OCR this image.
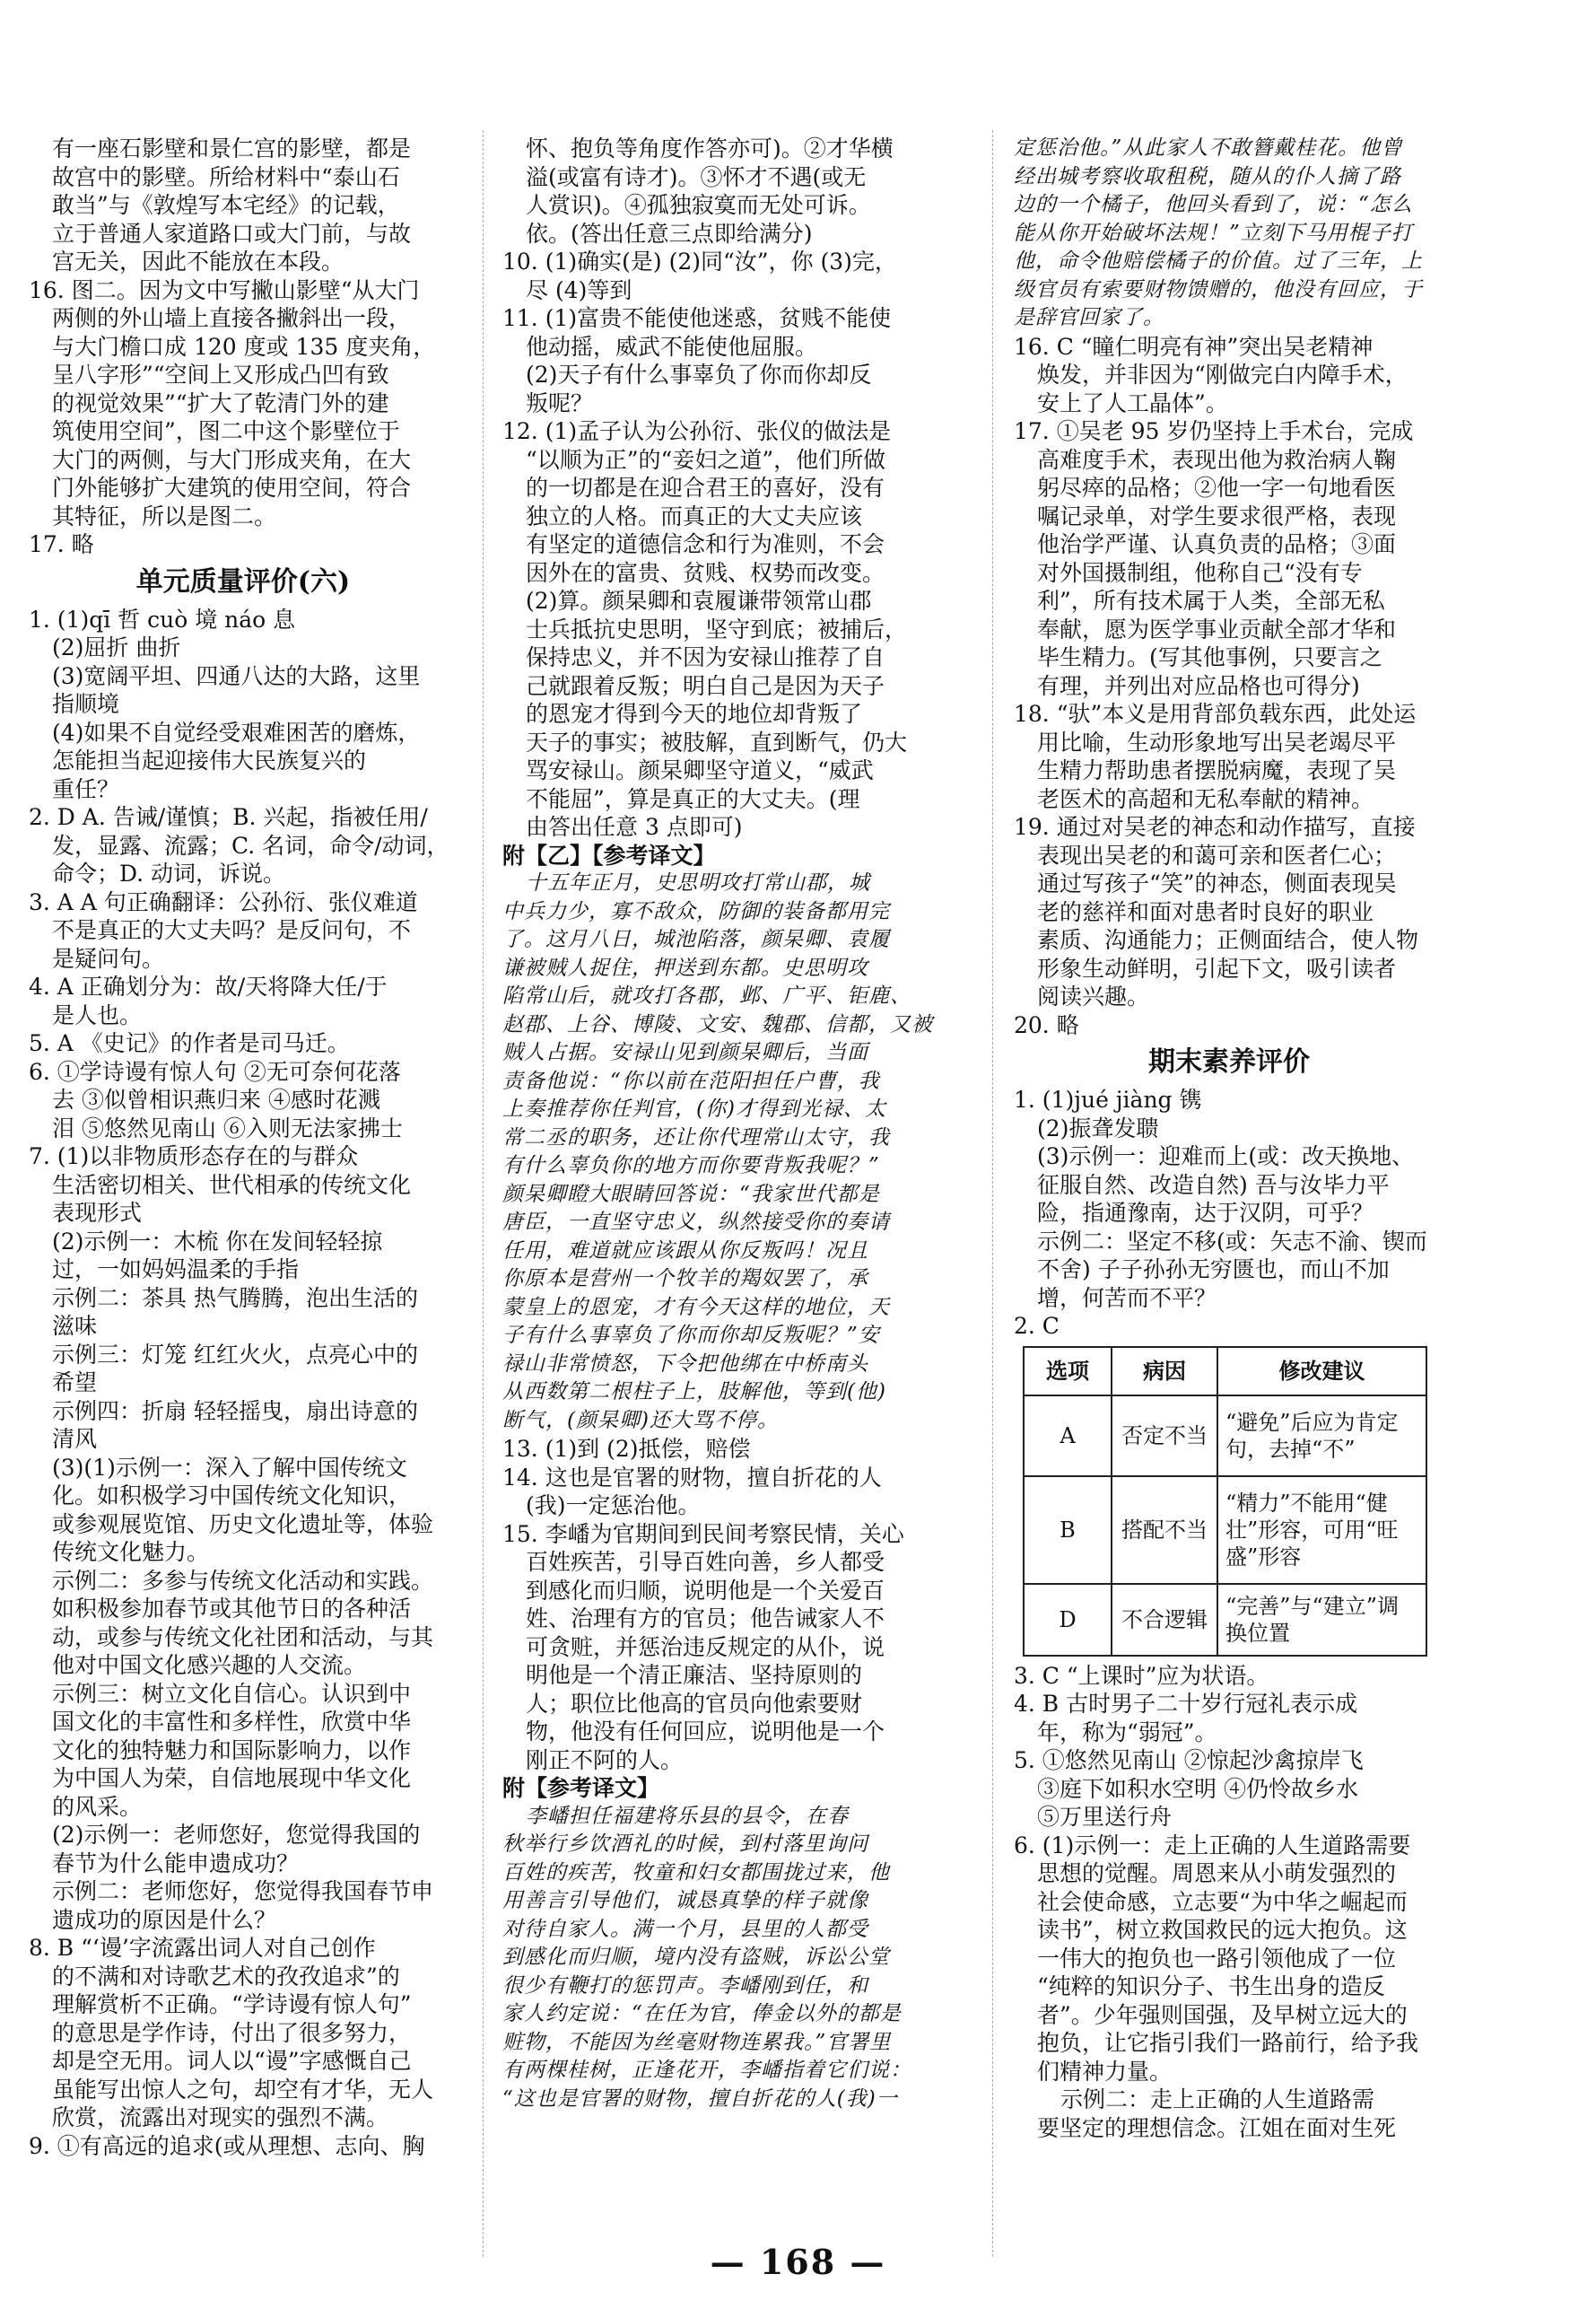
有一座石影壁和景仁宫的影壁，都是
故宫中的影壁。所给材料中“泰山石
敢当”与《敦煌写本宅经》的记载，
立于普通人家道路口或大门前，与故
宫无关，因此不能放在本段。
16. 图二。因为文中写撇山影壁“从大门
两侧的外山墙上直接各撇斜出一段，
与大门檐口成 120 度或 135 度夹角，
呈八字形”“空间上又形成凸凹有致
的视觉效果”“扩大了乾清门外的建
筑使用空间”，图二中这个影壁位于
大门的两侧，与大门形成夹角，在大
门外能够扩大建筑的使用空间，符合
其特征，所以是图二。
17. 略
单元质量评价(六)
1. (1)qī 哲 cuò 境 náo 息
(2)屈折 曲折
(3)宽阔平坦、四通八达的大路，这里
指顺境
(4)如果不自觉经受艰难困苦的磨炼，
怎能担当起迎接伟大民族复兴的
重任？
2. D A. 告诫/谨慎；B. 兴起，指被任用/
发，显露、流露；C. 名词，命令/动词，
命令；D. 动词，诉说。
3. A A 句正确翻译：公孙衍、张仪难道
不是真正的大丈夫吗？是反问句，不
是疑问句。
4. A 正确划分为：故/天将降大任/于
是人也。
5. A 《史记》的作者是司马迁。
6. ①学诗谩有惊人句 ②无可奈何花落
去 ③似曾相识燕归来 ④感时花溅
泪 ⑤悠然见南山 ⑥入则无法家拂士
7. (1)以非物质形态存在的与群众
生活密切相关、世代相承的传统文化
表现形式
(2)示例一：木梳 你在发间轻轻掠
过，一如妈妈温柔的手指
示例二：茶具 热气腾腾，泡出生活的
滋味
示例三：灯笼 红红火火，点亮心中的
希望
示例四：折扇 轻轻摇曳，扇出诗意的
清风
(3)(1)示例一：深入了解中国传统文
化。如积极学习中国传统文化知识，
或参观展览馆、历史文化遗址等，体验
传统文化魅力。
示例二：多参与传统文化活动和实践。
如积极参加春节或其他节日的各种活
动，或参与传统文化社团和活动，与其
他对中国文化感兴趣的人交流。
示例三：树立文化自信心。认识到中
国文化的丰富性和多样性，欣赏中华
文化的独特魅力和国际影响力，以作
为中国人为荣，自信地展现中华文化
的风采。
(2)示例一：老师您好，您觉得我国的
春节为什么能申遗成功？
示例二：老师您好，您觉得我国春节申
遗成功的原因是什么？
8. B “‘谩’字流露出词人对自己创作
的不满和对诗歌艺术的孜孜追求”的
理解赏析不正确。“学诗谩有惊人句”
的意思是学作诗，付出了很多努力，
却是空无用。词人以“谩”字感慨自己
虽能写出惊人之句，却空有才华，无人
欣赏，流露出对现实的强烈不满。
9. ①有高远的追求(或从理想、志向、胸
怀、抱负等角度作答亦可)。②才华横
溢(或富有诗才)。③怀才不遇(或无
人赏识)。④孤独寂寞而无处可诉。
依。(答出任意三点即给满分)
10. (1)确实(是) (2)同“汝”，你 (3)完，
尽 (4)等到
11. (1)富贵不能使他迷惑，贫贱不能使
他动摇，威武不能使他屈服。
(2)天子有什么事辜负了你而你却反
叛呢？
12. (1)孟子认为公孙衍、张仪的做法是
“以顺为正”的“妾妇之道”，他们所做
的一切都是在迎合君王的喜好，没有
独立的人格。而真正的大丈夫应该
有坚定的道德信念和行为准则，不会
因外在的富贵、贫贱、权势而改变。
(2)算。颜杲卿和袁履谦带领常山郡
士兵抵抗史思明，坚守到底；被捕后，
保持忠义，并不因为安禄山推荐了自
己就跟着反叛；明白自己是因为天子
的恩宠才得到今天的地位却背叛了
天子的事实；被肢解，直到断气，仍大
骂安禄山。颜杲卿坚守道义，“威武
不能屈”，算是真正的大丈夫。(理
由答出任意 3 点即可)
附【乙】【参考译文】
十五年正月，史思明攻打常山郡，城
中兵力少，寡不敌众，防御的装备都用完
了。这月八日，城池陷落，颜杲卿、袁履
谦被贼人捉住，押送到东都。史思明攻
陷常山后，就攻打各郡，邺、广平、钜鹿、
赵郡、上谷、博陵、文安、魏郡、信都，又被
贼人占据。安禄山见到颜杲卿后，当面
责备他说：“你以前在范阳担任户曹，我
上奏推荐你任判官，(你)才得到光禄、太
常二丞的职务，还让你代理常山太守，我
有什么辜负你的地方而你要背叛我呢？”
颜杲卿瞪大眼睛回答说：“我家世代都是
唐臣，一直坚守忠义，纵然接受你的奏请
任用，难道就应该跟从你反叛吗！况且
你原本是营州一个牧羊的羯奴罢了，承
蒙皇上的恩宠，才有今天这样的地位，天
子有什么事辜负了你而你却反叛呢？”安
禄山非常愤怒，下令把他绑在中桥南头
从西数第二根柱子上，肢解他，等到(他)
断气，(颜杲卿)还大骂不停。
13. (1)到 (2)抵偿，赔偿
14. 这也是官署的财物，擅自折花的人
(我)一定惩治他。
15. 李嶓为官期间到民间考察民情，关心
百姓疾苦，引导百姓向善，乡人都受
到感化而归顺，说明他是一个关爱百
姓、治理有方的官员；他告诫家人不
可贪赃，并惩治违反规定的从仆，说
明他是一个清正廉洁、坚持原则的
人；职位比他高的官员向他索要财
物，他没有任何回应，说明他是一个
刚正不阿的人。
附【参考译文】
李嶓担任福建将乐县的县令，在春
秋举行乡饮酒礼的时候，到村落里询问
百姓的疾苦，牧童和妇女都围拢过来，他
用善言引导他们，诚恳真挚的样子就像
对待自家人。满一个月，县里的人都受
到感化而归顺，境内没有盗贼，诉讼公堂
很少有鞭打的惩罚声。李嶓刚到任，和
家人约定说：“在任为官，俸金以外的都是
赃物，不能因为丝毫财物连累我。”官署里
有两棵桂树，正逢花开，李嶓指着它们说：
“这也是官署的财物，擅自折花的人(我)一
定惩治他。”从此家人不敢簪戴桂花。他曾
经出城考察收取租税，随从的仆人摘了路
边的一个橘子，他回头看到了，说：“怎么
能从你开始破坏法规！”立刻下马用棍子打
他，命令他赔偿橘子的价值。过了三年，上
级官员有索要财物馈赠的，他没有回应，于
是辞官回家了。
16. C “瞳仁明亮有神”突出吴老精神
焕发，并非因为“刚做完白内障手术，
安上了人工晶体”。
17. ①吴老 95 岁仍坚持上手术台，完成
高难度手术，表现出他为救治病人鞠
躬尽瘁的品格；②他一字一句地看医
嘱记录单，对学生要求很严格，表现
他治学严谨、认真负责的品格；③面
对外国摄制组，他称自己“没有专
利”，所有技术属于人类，全部无私
奉献，愿为医学事业贡献全部才华和
毕生精力。(写其他事例，只要言之
有理，并列出对应品格也可得分)
18. “驮”本义是用背部负载东西，此处运
用比喻，生动形象地写出吴老竭尽平
生精力帮助患者摆脱病魔，表现了吴
老医术的高超和无私奉献的精神。
19. 通过对吴老的神态和动作描写，直接
表现出吴老的和蔼可亲和医者仁心；
通过写孩子“笑”的神态，侧面表现吴
老的慈祥和面对患者时良好的职业
素质、沟通能力；正侧面结合，使人物
形象生动鲜明，引起下文，吸引读者
阅读兴趣。
20. 略
期末素养评价
1. (1)jué jiàng 镌
(2)振聋发聩
(3)示例一：迎难而上(或：改天换地、
征服自然、改造自然) 吾与汝毕力平
险，指通豫南，达于汉阴，可乎？
示例二：坚定不移(或：矢志不渝、锲而
不舍) 子子孙孙无穷匮也，而山不加
增，何苦而不平？
2. C
选项	病因	修改建议
A	否定不当	“避免”后应为肯定句，去掉“不”
B	搭配不当	“精力”不能用“健壮”形容，可用“旺盛”形容
D	不合逻辑	“完善”与“建立”调换位置
3. C “上课时”应为状语。
4. B 古时男子二十岁行冠礼表示成
年，称为“弱冠”。
5. ①悠然见南山 ②惊起沙禽掠岸飞
③庭下如积水空明 ④仍怜故乡水
⑤万里送行舟
6. (1)示例一：走上正确的人生道路需要
思想的觉醒。周恩来从小萌发强烈的
社会使命感，立志要“为中华之崛起而
读书”，树立救国救民的远大抱负。这
一伟大的抱负也一路引领他成了一位
“纯粹的知识分子、书生出身的造反
者”。少年强则国强，及早树立远大的
抱负，让它指引我们一路前行，给予我
们精神力量。
示例二：走上正确的人生道路需
要坚定的理想信念。江姐在面对生死
— 168 —
